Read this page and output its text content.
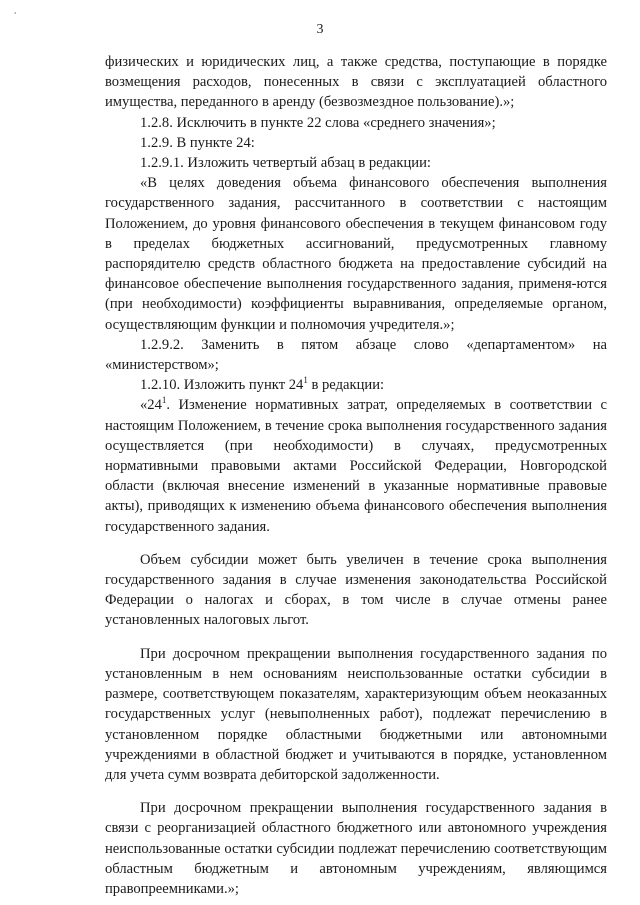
⸱
3

физических и юридических лиц, а также средства, поступающие в порядке возмещения расходов, понесенных в связи с эксплуатацией областного имущества, переданного в аренду (безвозмездное пользование).»;

1.2.8. Исключить в пункте 22 слова «среднего значения»;

1.2.9. В пункте 24:

1.2.9.1. Изложить четвертый абзац в редакции:

«В целях доведения объема финансового обеспечения выполнения государственного задания, рассчитанного в соответствии с настоящим Положением, до уровня финансового обеспечения в текущем финансовом году в пределах бюджетных ассигнований, предусмотренных главному распорядителю средств областного бюджета на предоставление субсидий на финансовое обеспечение выполнения государственного задания, применя-ются (при необходимости) коэффициенты выравнивания, определяемые органом, осуществляющим функции и полномочия учредителя.»;

1.2.9.2. Заменить в пятом абзаце слово «департаментом» на «министерством»;

1.2.10. Изложить пункт $24^1$ в редакции:

«$24^1$. Изменение нормативных затрат, определяемых в соответствии с настоящим Положением, в течение срока выполнения государственного задания осуществляется (при необходимости) в случаях, предусмотренных нормативными правовыми актами Российской Федерации, Новгородской области (включая внесение изменений в указанные нормативные правовые акты), приводящих к изменению объема финансового обеспечения выполнения государственного задания.

Объем субсидии может быть увеличен в течение срока выполнения государственного задания в случае изменения законодательства Российской Федерации о налогах и сборах, в том числе в случае отмены ранее установленных налоговых льгот.

При досрочном прекращении выполнения государственного задания по установленным в нем основаниям неиспользованные остатки субсидии в размере, соответствующем показателям, характеризующим объем неоказанных государственных услуг (невыполненных работ), подлежат перечислению в установленном порядке областными бюджетными или автономными учреждениями в областной бюджет и учитываются в порядке, установленном для учета сумм возврата дебиторской задолженности.

При досрочном прекращении выполнения государственного задания в связи с реорганизацией областного бюджетного или автономного учреждения неиспользованные остатки субсидии подлежат перечислению соответствующим областным бюджетным и автономным учреждениям, являющимся правопреемниками.»;
